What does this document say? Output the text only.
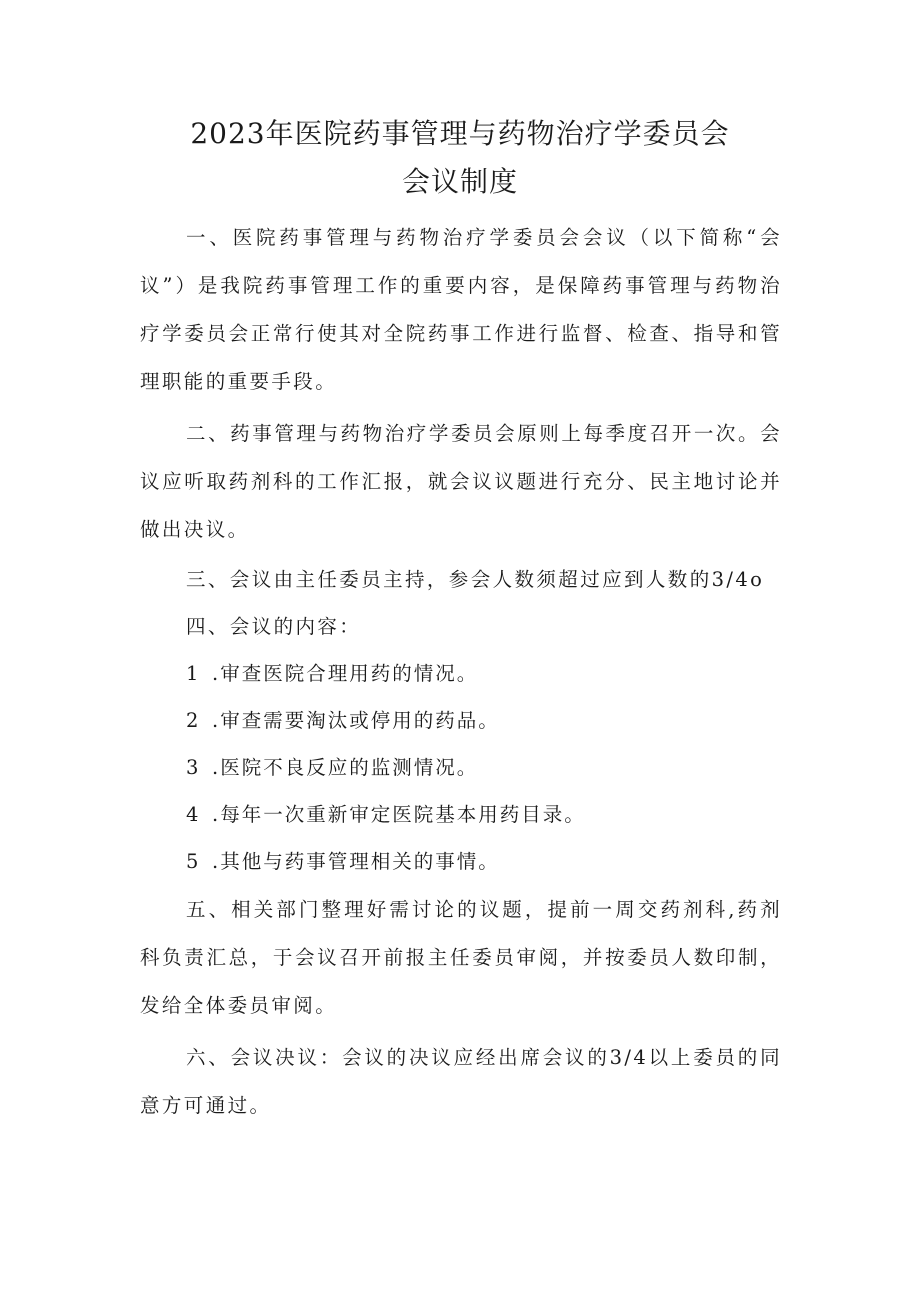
2023年医院药事管理与药物治疗学委员会
会议制度

一、医院药事管理与药物治疗学委员会会议（以下简称“会议”）是我院药事管理工作的重要内容，是保障药事管理与药物治疗学委员会正常行使其对全院药事工作进行监督、检查、指导和管理职能的重要手段。

二、药事管理与药物治疗学委员会原则上每季度召开一次。会议应听取药剂科的工作汇报，就会议议题进行充分、民主地讨论并做出决议。

三、会议由主任委员主持，参会人数须超过应到人数的3/4o

四、会议的内容：

1 .审查医院合理用药的情况。

2 .审查需要淘汰或停用的药品。

3 .医院不良反应的监测情况。

4 .每年一次重新审定医院基本用药目录。

5 .其他与药事管理相关的事情。

五、相关部门整理好需讨论的议题，提前一周交药剂科,药剂科负责汇总，于会议召开前报主任委员审阅，并按委员人数印制，发给全体委员审阅。

六、会议决议：会议的决议应经出席会议的3/4以上委员的同意方可通过。
